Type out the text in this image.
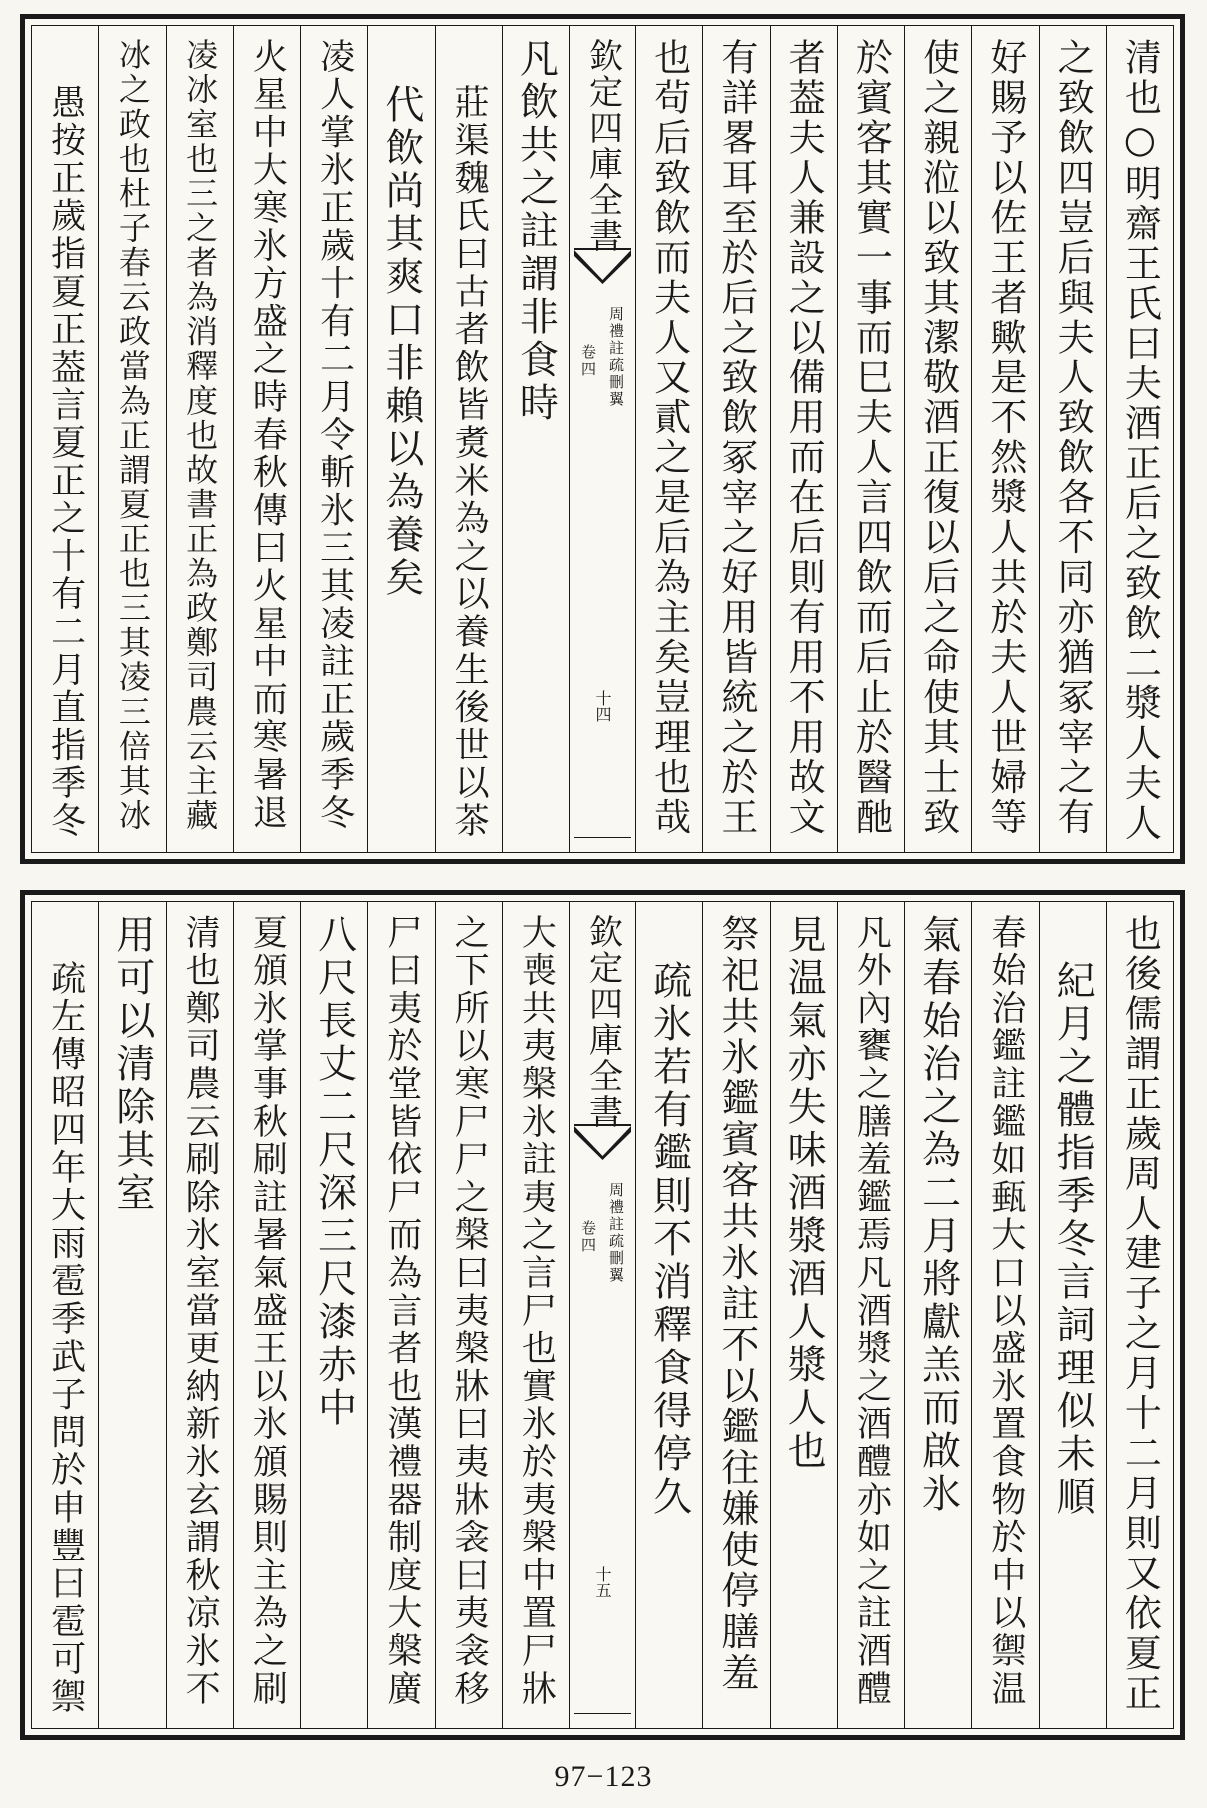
清也○明齋王氏曰夫酒正后之致飲二漿人夫人
之致飲四豈后與夫人致飲各不同亦猶冢宰之有
好賜予以佐王者歟是不然漿人共於夫人世婦等
使之親涖以致其潔敬酒正復以后之命使其士致
於賓客其實一事而巳夫人言四飲而后止於醫酏
者葢夫人兼設之以備用而在后則有用不用故文
有詳畧耳至於后之致飲冢宰之好用皆統之於王
也茍后致飲而夫人又貳之是后為主矣豈理也哉
欽定四庫全書
周禮註疏刪翼
卷四
十四
凡飲共之註謂非食時
莊渠魏氏曰古者飲皆煑米為之以養生後世以茶
代飲尚其爽口非賴以為養矣
凌人掌氷正歲十有二月令斬氷三其凌註正歲季冬
火星中大寒氷方盛之時春秋傳曰火星中而寒暑退
凌冰室也三之者為消釋度也故書正為政鄭司農云主藏
冰之政也杜子春云政當為正謂夏正也三其凌三倍其冰
愚按正歲指夏正葢言夏正之十有二月直指季冬
也後儒謂正歲周人建子之月十二月則又依夏正
紀月之體指季冬言詞理似未順
春始治鑑註鑑如甀大口以盛氷置食物於中以禦温
氣春始治之為二月將獻羔而啟氷
凡外內饔之膳羞鑑焉凡酒漿之酒醴亦如之註酒醴
見温氣亦失味酒漿酒人漿人也
祭祀共氷鑑賓客共氷註不以鑑往嫌使停膳羞
疏氷若有鑑則不消釋食得停久
欽定四庫全書
周禮註疏刪翼
卷四
十五
大喪共夷槃氷註夷之言尸也實氷於夷槃中置尸牀
之下所以寒尸尸之槃曰夷槃牀曰夷牀衾曰夷衾移
尸曰夷於堂皆依尸而為言者也漢禮器制度大槃廣
八尺長丈二尺深三尺漆赤中
夏頒氷掌事秋刷註暑氣盛王以氷頒賜則主為之刷
清也鄭司農云刷除氷室當更納新氷玄謂秋凉氷不
用可以清除其室
疏左傳昭四年大雨雹季武子問於申豐曰雹可禦
97−123
